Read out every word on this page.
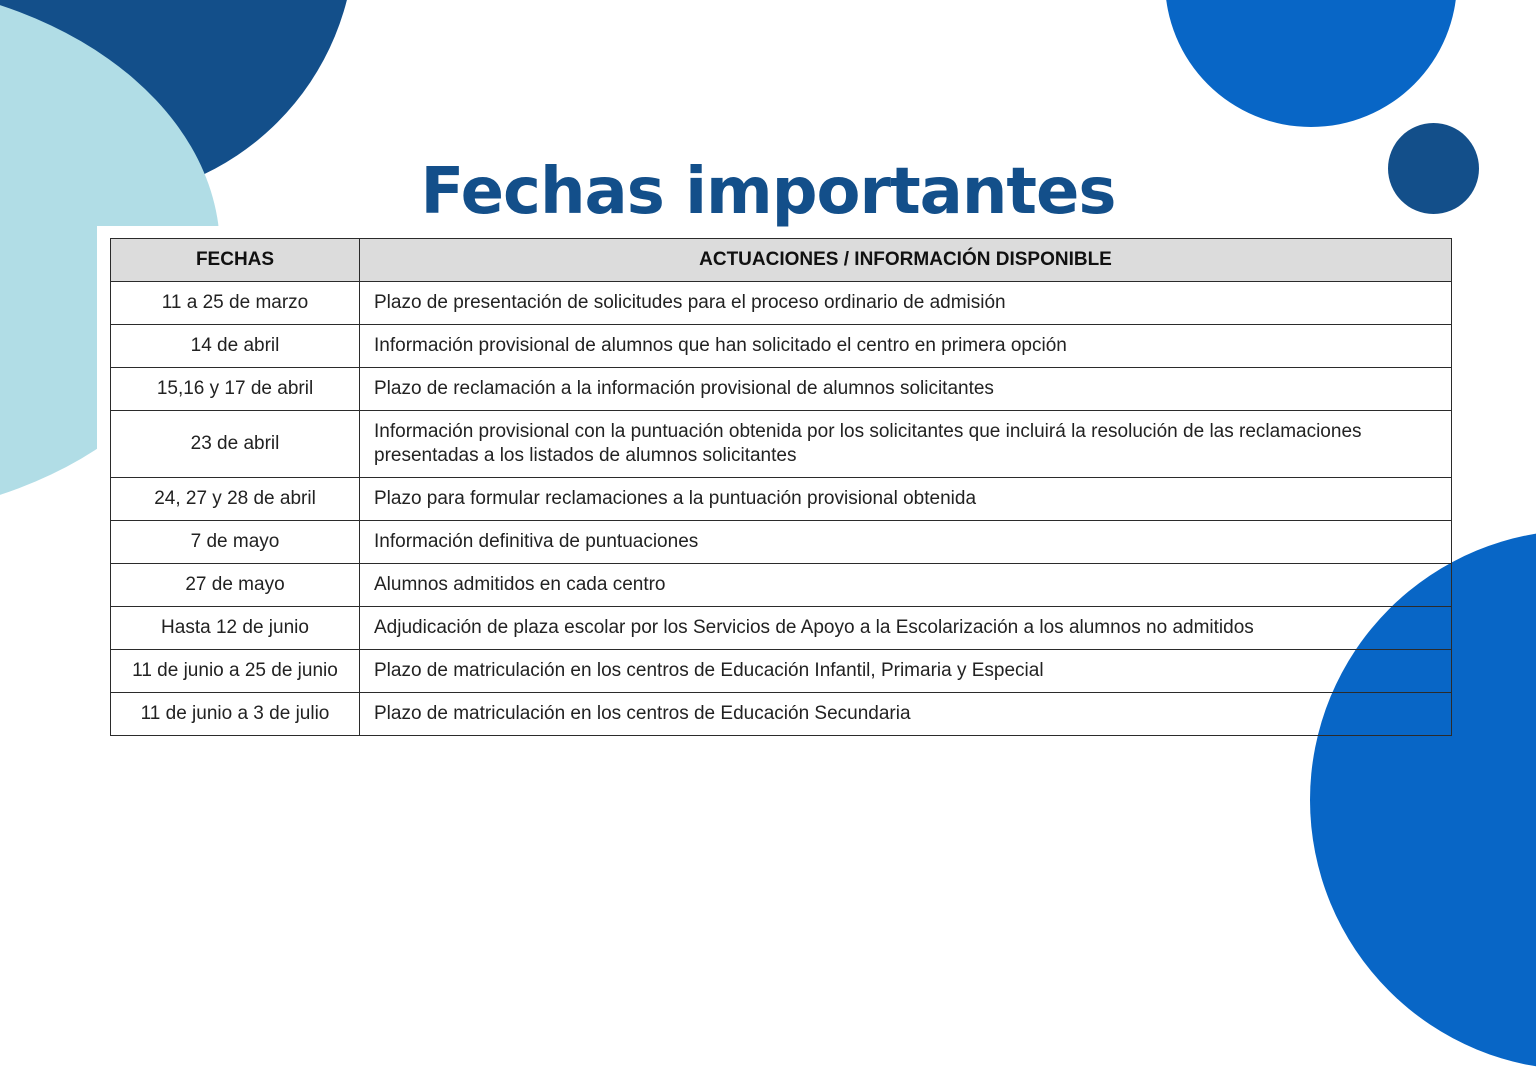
Fechas importantes
FECHAS	ACTUACIONES / INFORMACIÓN DISPONIBLE
11 a 25 de marzo	Plazo de presentación de solicitudes para el proceso ordinario de admisión
14 de abril	Información provisional de alumnos que han solicitado el centro en primera opción
15,16 y 17 de abril	Plazo de reclamación a la información provisional de alumnos solicitantes
23 de abril	Información provisional con la puntuación obtenida por los solicitantes que incluirá la resolución de las reclamaciones presentadas a los listados de alumnos solicitantes
24, 27 y 28 de abril	Plazo para formular reclamaciones a la puntuación provisional obtenida
7 de mayo	Información definitiva de puntuaciones
27 de mayo	Alumnos admitidos en cada centro
Hasta 12 de junio	Adjudicación de plaza escolar por los Servicios de Apoyo a la Escolarización a los alumnos no admitidos
11 de junio a 25 de junio	Plazo de matriculación en los centros de Educación Infantil, Primaria y Especial
11 de junio a 3 de julio	Plazo de matriculación en los centros de Educación Secundaria
